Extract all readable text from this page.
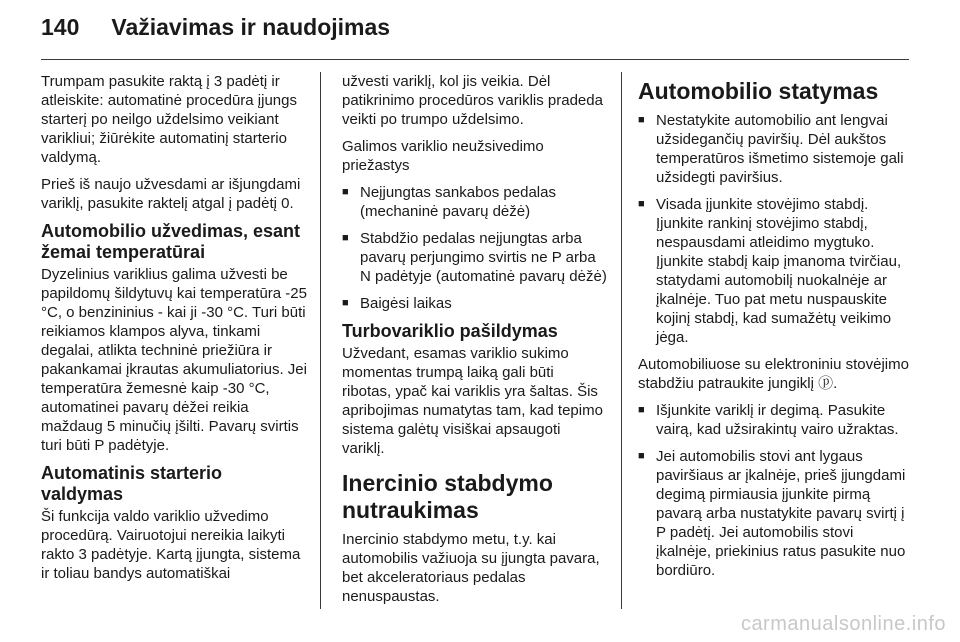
140 Važiavimas ir naudojimas

Trumpam pasukite raktą į 3 padėtį ir atleiskite: automatinė procedūra įjungs starterį po neilgo uždelsimo veikiant varikliui; žiūrėkite automatinį starterio valdymą.

Prieš iš naujo užvesdami ar išjungdami variklį, pasukite raktelį atgal į padėtį 0.

Automobilio užvedimas, esant žemai temperatūrai

Dyzelinius variklius galima užvesti be papildomų šildytuvų kai temperatūra -25 °C, o benzininius - kai ji -30 °C. Turi būti reikiamos klampos alyva, tinkami degalai, atlikta techninė priežiūra ir pakankamai įkrautas akumuliatorius. Jei temperatūra žemesnė kaip -30 °C, automatinei pavarų dėžei reikia maždaug 5 minučių įšilti. Pavarų svirtis turi būti P padėtyje.

Automatinis starterio valdymas

Ši funkcija valdo variklio užvedimo procedūrą. Vairuotojui nereikia laikyti rakto 3 padėtyje. Kartą įjungta, sistema ir toliau bandys automatiškai

užvesti variklį, kol jis veikia. Dėl patikrinimo procedūros variklis pradeda veikti po trumpo uždelsimo.

Galimos variklio neužsivedimo priežastys

■ Neįjungtas sankabos pedalas (mechaninė pavarų dėžė)
■ Stabdžio pedalas neįjungtas arba pavarų perjungimo svirtis ne P arba N padėtyje (automatinė pavarų dėžė)
■ Baigėsi laikas
Turbovariklio pašildymas

Užvedant, esamas variklio sukimo momentas trumpą laiką gali būti ribotas, ypač kai variklis yra šaltas. Šis apribojimas numatytas tam, kad tepimo sistema galėtų visiškai apsaugoti variklį.

Inercinio stabdymo nutraukimas

Inercinio stabdymo metu, t.y. kai automobilis važiuoja su įjungta pavara, bet akceleratoriaus pedalas nenuspaustas.

Automobilio statymas
■ Nestatykite automobilio ant lengvai užsidegančių paviršių. Dėl aukštos temperatūros išmetimo sistemoje gali užsidegti paviršius.
■ Visada įjunkite stovėjimo stabdį. Įjunkite rankinį stovėjimo stabdį, nespausdami atleidimo mygtuko. Įjunkite stabdį kaip įmanoma tvirčiau, statydami automobilį nuokalnėje ar įkalnėje. Tuo pat metu nuspauskite kojinį stabdį, kad sumažėtų veikimo jėga.

Automobiliuose su elektroniniu stovėjimo stabdžiu patraukite jungiklį ⓟ.

■ Išjunkite variklį ir degimą. Pasukite vairą, kad užsirakintų vairo užraktas.
■ Jei automobilis stovi ant lygaus paviršiaus ar įkalnėje, prieš įjungdami degimą pirmiausia įjunkite pirmą pavarą arba nustatykite pavarų svirtį į P padėtį. Jei automobilis stovi įkalnėje, priekinius ratus pasukite nuo bordiūro.
carmanualsonline.info
